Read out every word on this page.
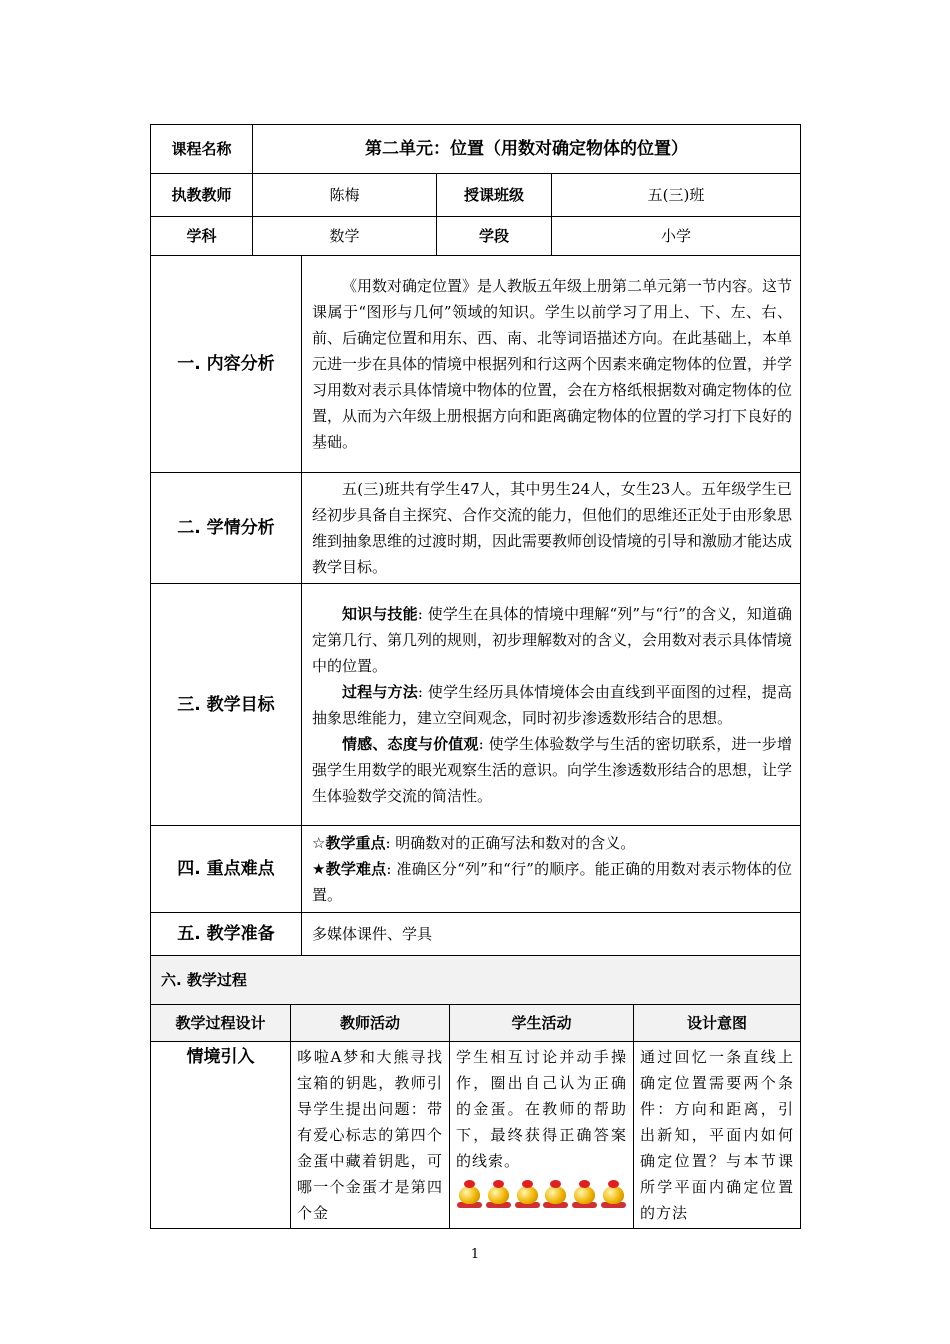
课程名称	第二单元：位置（用数对确定物体的位置）		
执教教师	陈梅	授课班级	五(三)班
学科	数学	学段	小学
一. 内容分析	《用数对确定位置》是人教版五年级上册第二单元第一节内容。这节课属于“图形与几何”领域的知识。学生以前学习了用上、下、左、右、前、后确定位置和用东、西、南、北等词语描述方向。在此基础上，本单元进一步在具体的情境中根据列和行这两个因素来确定物体的位置，并学习用数对表示具体情境中物体的位置，会在方格纸根据数对确定物体的位置，从而为六年级上册根据方向和距离确定物体的位置的学习打下良好的基础。

二. 学情分析	五(三)班共有学生47人，其中男生24人，女生23人。五年级学生已经初步具备自主探究、合作交流的能力，但他们的思维还正处于由形象思维到抽象思维的过渡时期，因此需要教师创设情境的引导和激励才能达成教学目标。

三. 教学目标	知识与技能: 使学生在具体的情境中理解“列”与“行”的含义，知道确定第几行、第几列的规则，初步理解数对的含义，会用数对表示具体情境中的位置。
过程与方法: 使学生经历具体情境体会由直线到平面图的过程，提高抽象思维能力，建立空间观念，同时初步渗透数形结合的思想。
情感、态度与价值观: 使学生体验数学与生活的密切联系，进一步增强学生用数学的眼光观察生活的意识。向学生渗透数形结合的思想，让学生体验数学交流的简洁性。

四. 重点难点	☆教学重点: 明确数对的正确写法和数对的含义。
★教学难点: 准确区分“列”和“行”的顺序。能正确的用数对表示物体的位置。

五. 教学准备	多媒体课件、学具
六. 教学过程			
教学过程设计	教师活动	学生活动	设计意图
情境引入	哆啦A梦和大熊寻找宝箱的钥匙，教师引导学生提出问题：带有爱心标志的第四个金蛋中藏着钥匙，可哪一个金蛋才是第四个金	学生相互讨论并动手操作，圈出自己认为正确的金蛋。在教师的帮助下，最终获得正确答案的线索。	通过回忆一条直线上确定位置需要两个条件：方向和距离，引出新知，平面内如何确定位置？与本节课所学平面内确定位置的方法
1
